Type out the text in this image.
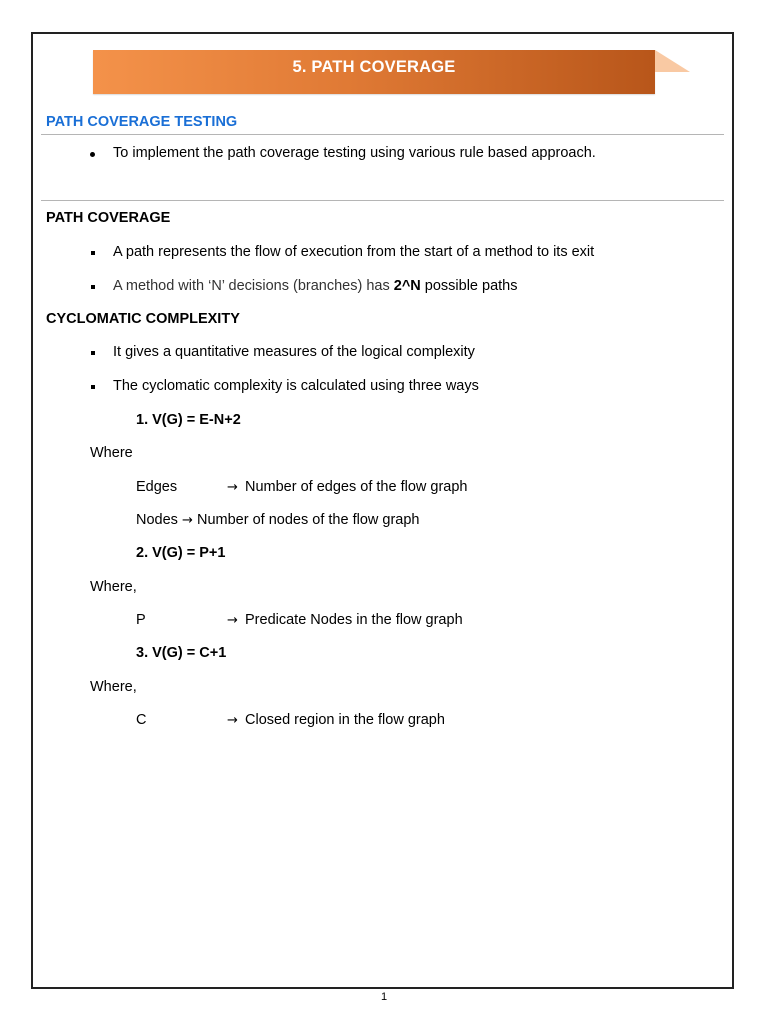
5. PATH COVERAGE
PATH COVERAGE TESTING
To implement the path coverage testing using various rule based approach.
PATH COVERAGE
A path represents the flow of execution from the start of a method to its exit
A method with ‘N’ decisions (branches) has 2^N possible paths
CYCLOMATIC COMPLEXITY
It gives a quantitative measures of the logical complexity
The cyclomatic complexity is calculated using three ways
1. V(G) = E-N+2
Where
Edges	→ Number of edges of the flow graph
Nodes → Number of nodes of the flow graph
2. V(G) = P+1
Where,
P	→ Predicate Nodes in the flow graph
3. V(G) = C+1
Where,
C	→ Closed region in the flow graph
1
